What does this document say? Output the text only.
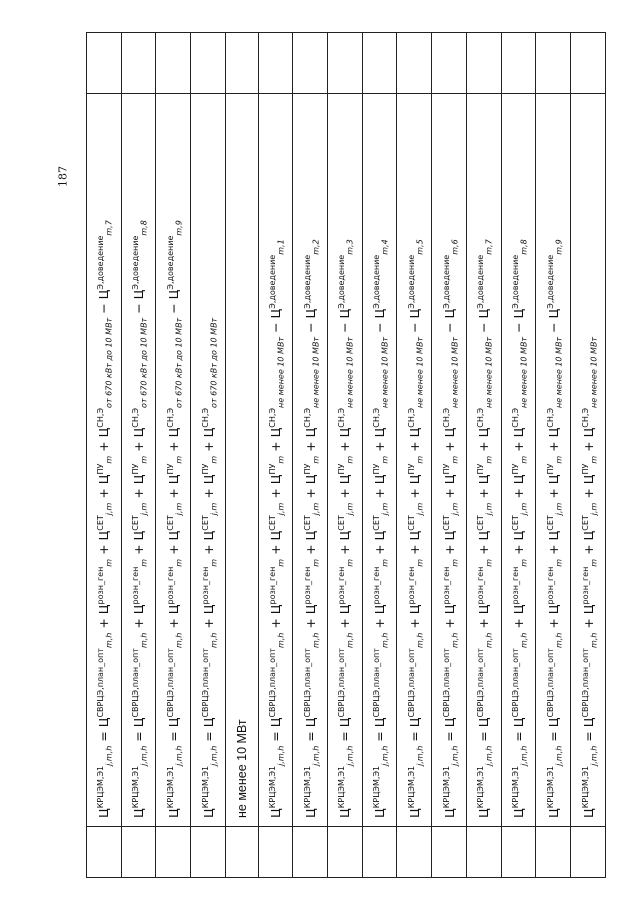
187
	$Ц^{КРЦЭМ,Э1}_{j,m,h} = Ц^{СВРЦЭ,план\_опт}_{m,h} + Ц^{розн\_ген}_m + Ц^{СЕТ}_{j,m} + Ц^{ПУ}_m + Ц^{СН,Э}_{от 670 кВт до 10 МВт} - Ц^{Э,доведение}_{m,7}$	
	$Ц^{КРЦЭМ,Э1}_{j,m,h} = Ц^{СВРЦЭ,план\_опт}_{m,h} + Ц^{розн\_ген}_m + Ц^{СЕТ}_{j,m} + Ц^{ПУ}_m + Ц^{СН,Э}_{от 670 кВт до 10 МВт} - Ц^{Э,доведение}_{m,8}$	
	$Ц^{КРЦЭМ,Э1}_{j,m,h} = Ц^{СВРЦЭ,план\_опт}_{m,h} + Ц^{розн\_ген}_m + Ц^{СЕТ}_{j,m} + Ц^{ПУ}_m + Ц^{СН,Э}_{от 670 кВт до 10 МВт} - Ц^{Э,доведение}_{m,9}$	
	$Ц^{КРЦЭМ,Э1}_{j,m,h} = Ц^{СВРЦЭ,план\_опт}_{m,h} + Ц^{розн\_ген}_m + Ц^{СЕТ}_{j,m} + Ц^{ПУ}_m + Ц^{СН,Э}_{от 670 кВт до 10 МВт}$	
	не менее 10 МВт	
	$Ц^{КРЦЭМ,Э1}_{j,m,h} = Ц^{СВРЦЭ,план\_опт}_{m,h} + Ц^{розн\_ген}_m + Ц^{СЕТ}_{j,m} + Ц^{ПУ}_m + Ц^{СН,Э}_{не менее 10 МВт} - Ц^{Э,доведение}_{m,1}$	
	$Ц^{КРЦЭМ,Э1}_{j,m,h} = Ц^{СВРЦЭ,план\_опт}_{m,h} + Ц^{розн\_ген}_m + Ц^{СЕТ}_{j,m} + Ц^{ПУ}_m + Ц^{СН,Э}_{не менее 10 МВт} - Ц^{Э,доведение}_{m,2}$	
	$Ц^{КРЦЭМ,Э1}_{j,m,h} = Ц^{СВРЦЭ,план\_опт}_{m,h} + Ц^{розн\_ген}_m + Ц^{СЕТ}_{j,m} + Ц^{ПУ}_m + Ц^{СН,Э}_{не менее 10 МВт} - Ц^{Э,доведение}_{m,3}$	
	$Ц^{КРЦЭМ,Э1}_{j,m,h} = Ц^{СВРЦЭ,план\_опт}_{m,h} + Ц^{розн\_ген}_m + Ц^{СЕТ}_{j,m} + Ц^{ПУ}_m + Ц^{СН,Э}_{не менее 10 МВт} - Ц^{Э,доведение}_{m,4}$	
	$Ц^{КРЦЭМ,Э1}_{j,m,h} = Ц^{СВРЦЭ,план\_опт}_{m,h} + Ц^{розн\_ген}_m + Ц^{СЕТ}_{j,m} + Ц^{ПУ}_m + Ц^{СН,Э}_{не менее 10 МВт} - Ц^{Э,доведение}_{m,5}$	
	$Ц^{КРЦЭМ,Э1}_{j,m,h} = Ц^{СВРЦЭ,план\_опт}_{m,h} + Ц^{розн\_ген}_m + Ц^{СЕТ}_{j,m} + Ц^{ПУ}_m + Ц^{СН,Э}_{не менее 10 МВт} - Ц^{Э,доведение}_{m,6}$	
	$Ц^{КРЦЭМ,Э1}_{j,m,h} = Ц^{СВРЦЭ,план\_опт}_{m,h} + Ц^{розн\_ген}_m + Ц^{СЕТ}_{j,m} + Ц^{ПУ}_m + Ц^{СН,Э}_{не менее 10 МВт} - Ц^{Э,доведение}_{m,7}$	
	$Ц^{КРЦЭМ,Э1}_{j,m,h} = Ц^{СВРЦЭ,план\_опт}_{m,h} + Ц^{розн\_ген}_m + Ц^{СЕТ}_{j,m} + Ц^{ПУ}_m + Ц^{СН,Э}_{не менее 10 МВт} - Ц^{Э,доведение}_{m,8}$	
	$Ц^{КРЦЭМ,Э1}_{j,m,h} = Ц^{СВРЦЭ,план\_опт}_{m,h} + Ц^{розн\_ген}_m + Ц^{СЕТ}_{j,m} + Ц^{ПУ}_m + Ц^{СН,Э}_{не менее 10 МВт} - Ц^{Э,доведение}_{m,9}$	
	$Ц^{КРЦЭМ,Э1}_{j,m,h} = Ц^{СВРЦЭ,план\_опт}_{m,h} + Ц^{розн\_ген}_m + Ц^{СЕТ}_{j,m} + Ц^{ПУ}_m + Ц^{СН,Э}_{не менее 10 МВт}$	
